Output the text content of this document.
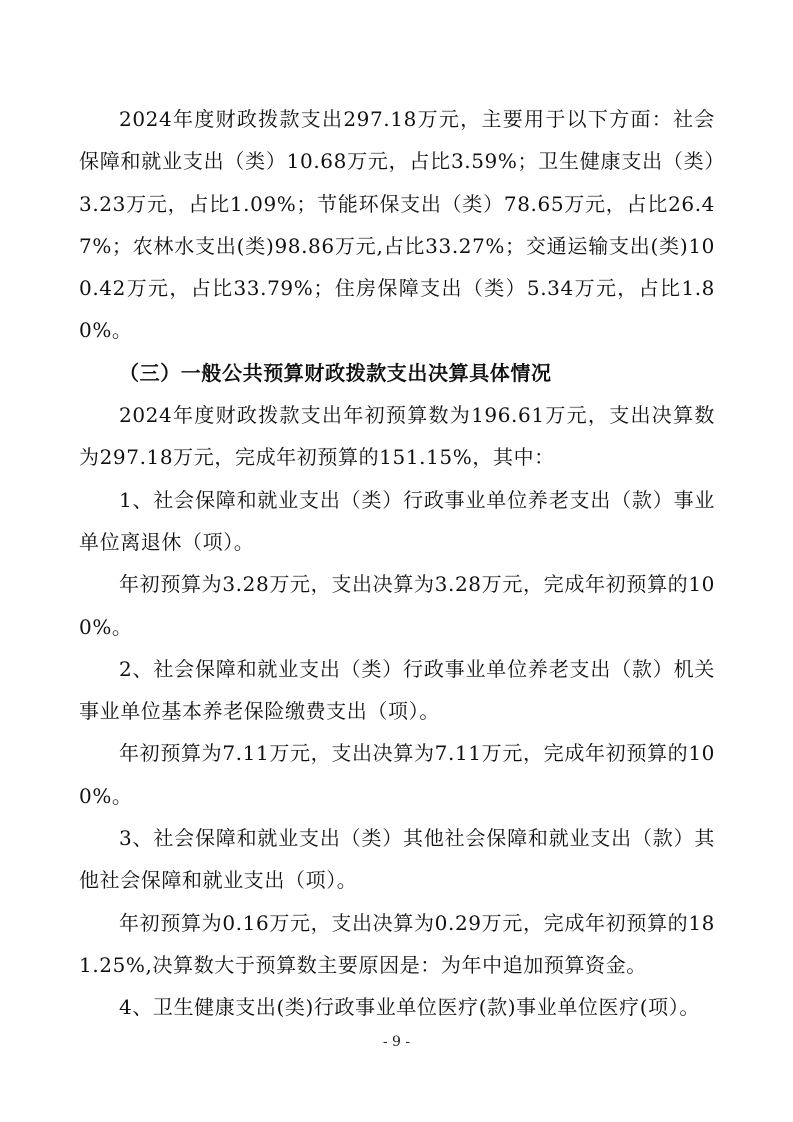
2024年度财政拨款支出297.18万元，主要用于以下方面：社会保障和就业支出（类）10.68万元，占比3.59%；卫生健康支出（类）3.23万元，占比1.09%；节能环保支出（类）78.65万元，占比26.47%；农林水支出(类)98.86万元,占比33.27%；交通运输支出(类)100.42万元，占比33.79%；住房保障支出（类）5.34万元，占比1.80%。

（三）一般公共预算财政拨款支出决算具体情况

2024年度财政拨款支出年初预算数为196.61万元，支出决算数为297.18万元，完成年初预算的151.15%，其中：

1、社会保障和就业支出（类）行政事业单位养老支出（款）事业单位离退休（项）。

年初预算为3.28万元，支出决算为3.28万元，完成年初预算的100%。

2、社会保障和就业支出（类）行政事业单位养老支出（款）机关事业单位基本养老保险缴费支出（项）。

年初预算为7.11万元，支出决算为7.11万元，完成年初预算的100%。

3、社会保障和就业支出（类）其他社会保障和就业支出（款）其他社会保障和就业支出（项）。

年初预算为0.16万元，支出决算为0.29万元，完成年初预算的181.25%,决算数大于预算数主要原因是：为年中追加预算资金。

4、卫生健康支出(类)行政事业单位医疗(款)事业单位医疗(项）。

- 9 -
